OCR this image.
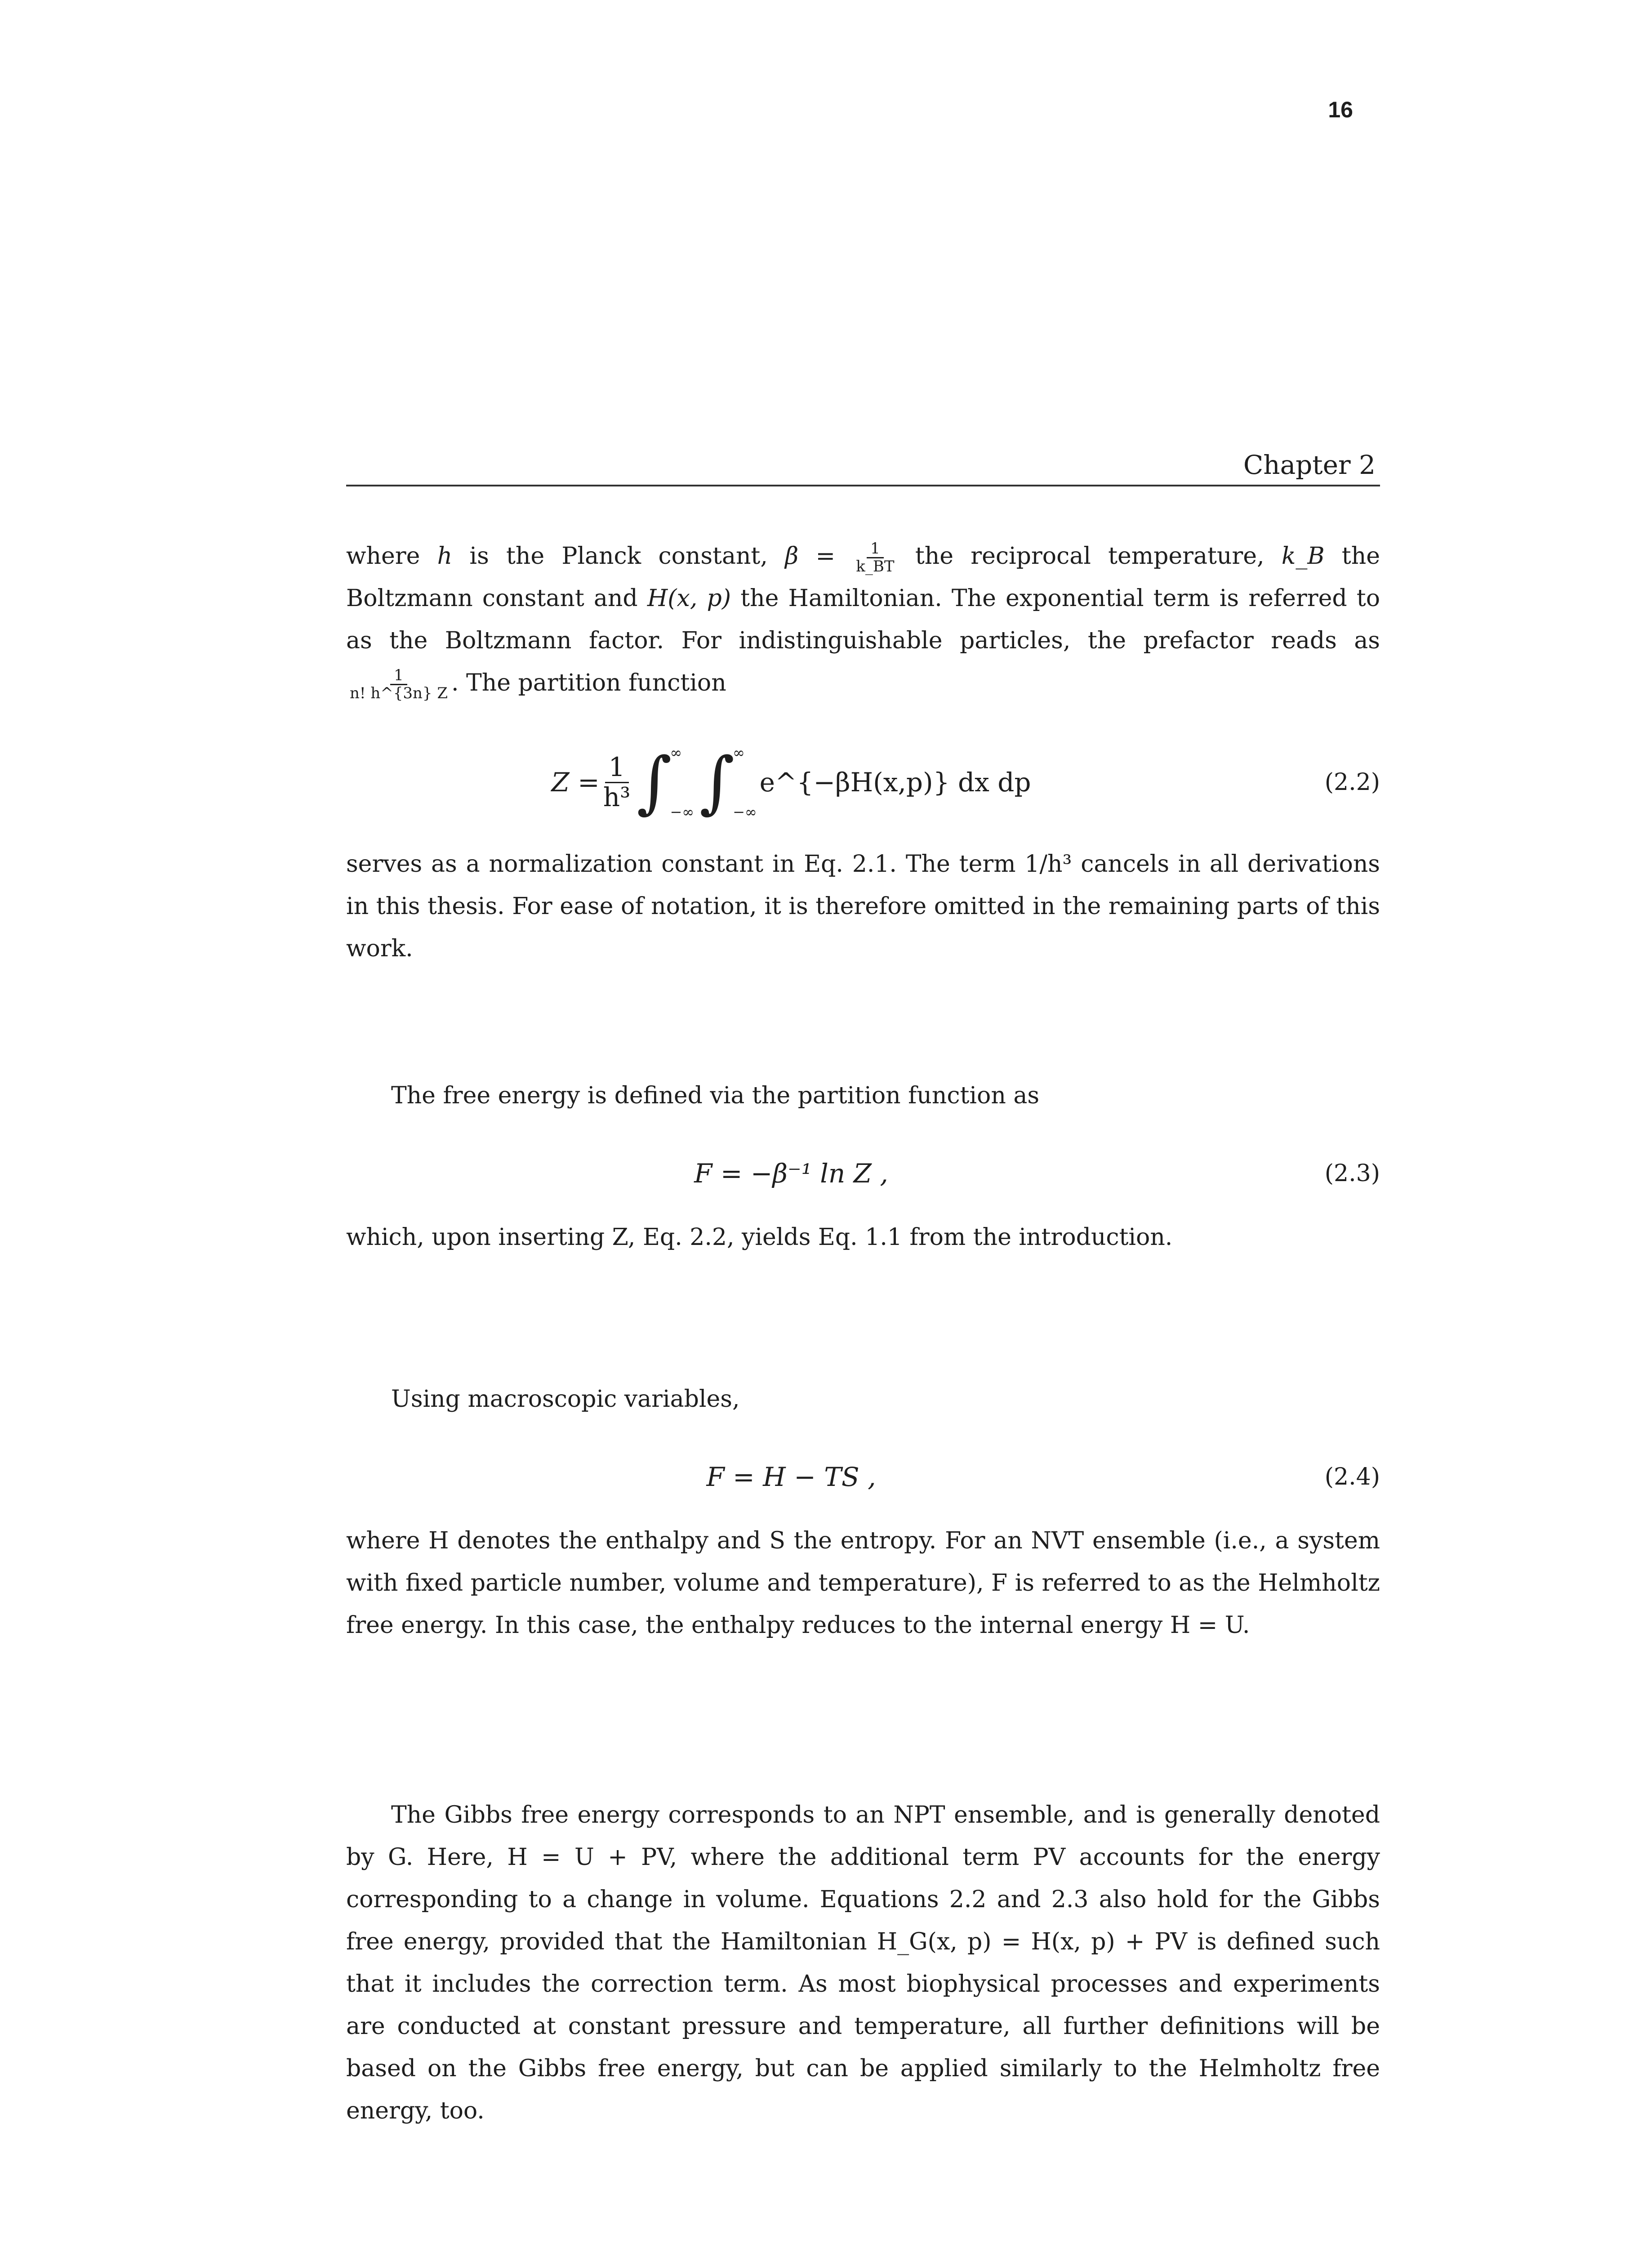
16
Chapter 2

where h is the Planck constant, $\beta = \frac{1}{k\_BT}$ the reciprocal temperature, k_B the Boltzmann constant and H(x, p) the Hamiltonian. The exponential term is referred to as the Boltzmann factor. For indistinguishable particles, the prefactor reads as
$\frac{1}{n! h\^{}\{3n\} Z}$ . The partition function

$Z = \frac{1}{\text{h³}}$ ∫
∞
−∞ ∫
∞
−∞
e^{−βH(x,p)} dx dp	(2.2)

serves as a normalization constant in Eq. 2.1. The term 1/h³ cancels in all derivations in this thesis. For ease of notation, it is therefore omitted in the remaining parts of this work.

The free energy is defined via the partition function as

F = −β⁻¹ ln Z ,	(2.3)

which, upon inserting Z, Eq. 2.2, yields Eq. 1.1 from the introduction.

Using macroscopic variables,

F = H − TS ,	(2.4)

where H denotes the enthalpy and S the entropy. For an NVT ensemble (i.e., a system with fixed particle number, volume and temperature), F is referred to as the Helmholtz free energy. In this case, the enthalpy reduces to the internal energy H = U.

The Gibbs free energy corresponds to an NPT ensemble, and is generally denoted by G. Here, H = U + PV, where the additional term PV accounts for the energy corresponding to a change in volume. Equations 2.2 and 2.3 also hold for the Gibbs free energy, provided that the Hamiltonian H_G(x, p) = H(x, p) + PV is defined such that it includes the correction term. As most biophysical processes and experiments are conducted at constant pressure and temperature, all further definitions will be based on the Gibbs free energy, but can be applied similarly to the Helmholtz free energy, too.
